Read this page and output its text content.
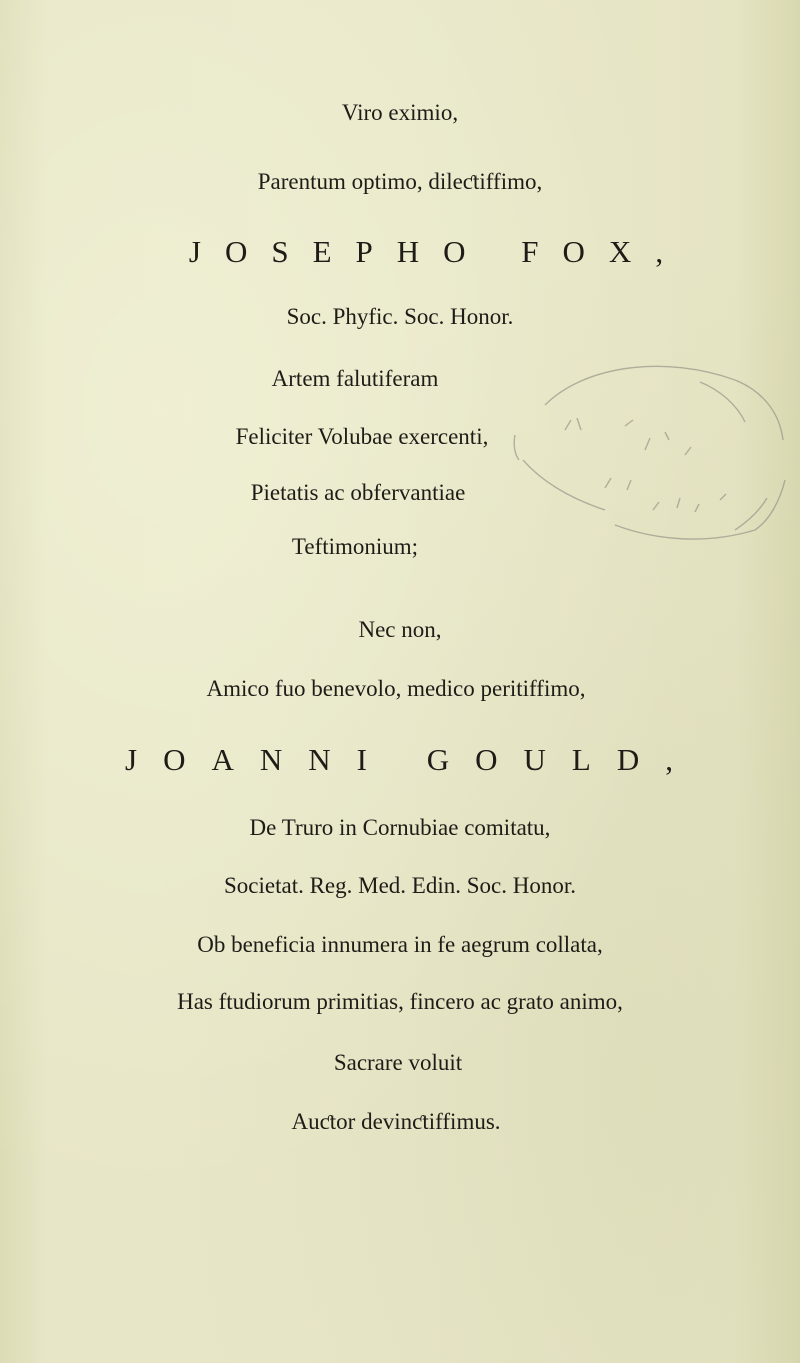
Viro eximio,

Parentum optimo, dileƈtiffimo,

JOSEPHO FOX,

Soc. Phyfic. Soc. Honor.

Artem falutiferam

Feliciter Volubae exercenti,

Pietatis ac obfervantiae

Teftimonium;

Nec non,

Amico fuo benevolo, medico peritiffimo,

JOANNI GOULD,

De Truro in Cornubiae comitatu,

Societat. Reg. Med. Edin. Soc. Honor.

Ob beneficia innumera in fe aegrum collata,

Has ftudiorum primitias, fincero ac grato animo,

Sacrare voluit

Auƈtor devinƈtiffimus.
